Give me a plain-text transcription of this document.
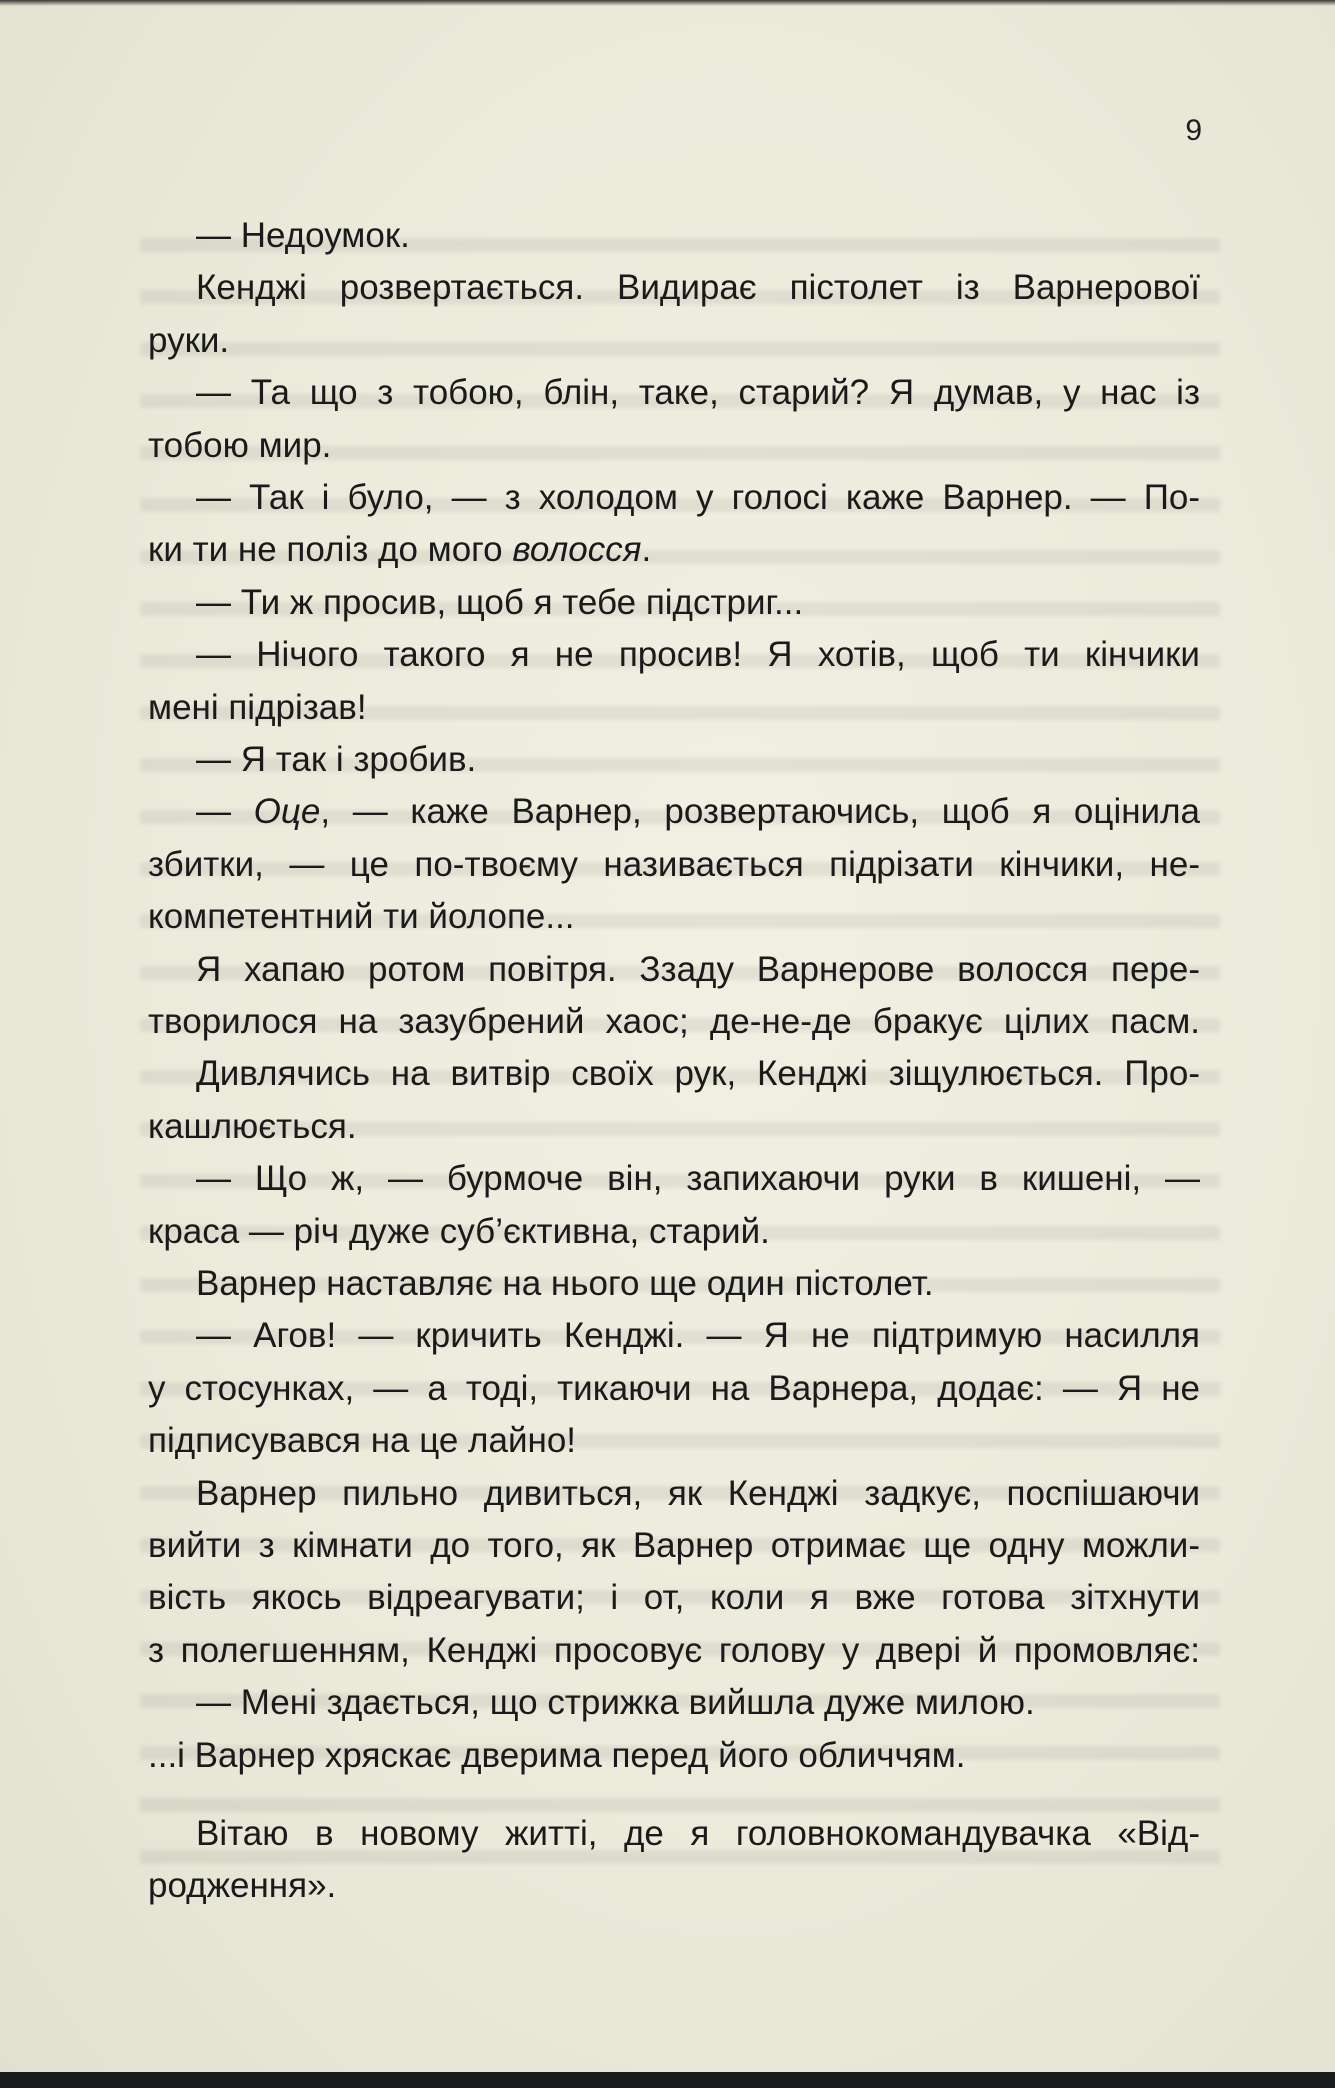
9
— Недоумок.
Кенджі розвертається. Видирає пістолет із Варнерової
руки.
— Та що з тобою, блін, таке, старий? Я думав, у нас із
тобою мир.
— Так і було, — з холодом у голосі каже Варнер. — По-
ки ти не поліз до мого волосся.
— Ти ж просив, щоб я тебе підстриг...
— Нічого такого я не просив! Я хотів, щоб ти кінчики
мені підрізав!
— Я так і зробив.
— Оце, — каже Варнер, розвертаючись, щоб я оцінила
збитки, — це по-твоєму називається підрізати кінчики, не-
компетентний ти йолопе...
Я хапаю ротом повітря. Ззаду Варнерове волосся пере-
творилося на зазубрений хаос; де-не-де бракує цілих пасм.
Дивлячись на витвір своїх рук, Кенджі зіщулюється. Про-
кашлюється.
— Що ж, — бурмоче він, запихаючи руки в кишені, —
краса — річ дуже суб’єктивна, старий.
Варнер наставляє на нього ще один пістолет.
— Агов! — кричить Кенджі. — Я не підтримую насилля
у стосунках, — а тоді, тикаючи на Варнера, додає: — Я не
підписувався на це лайно!
Варнер пильно дивиться, як Кенджі задкує, поспішаючи
вийти з кімнати до того, як Варнер отримає ще одну можли-
вість якось відреагувати; і от, коли я вже готова зітхнути
з полегшенням, Кенджі просовує голову у двері й промовляє:
— Мені здається, що стрижка вийшла дуже милою.
...і Варнер хряскає дверима перед його обличчям.
Вітаю в новому житті, де я головнокомандувачка «Від-
родження».
